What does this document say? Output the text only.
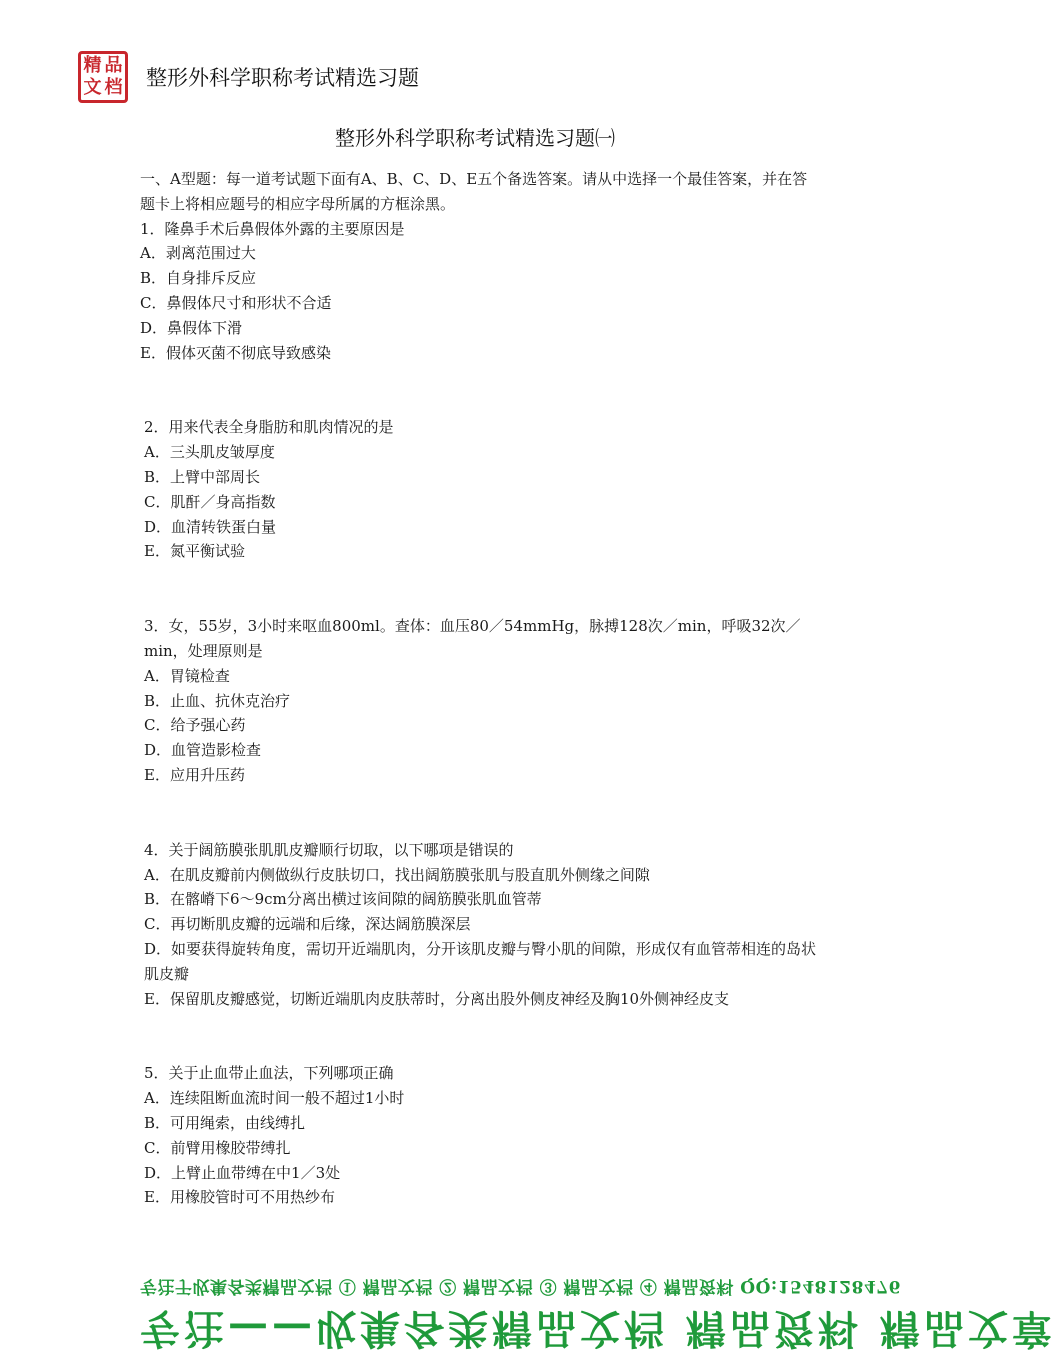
精 品
文 档 整形外科学职称考试精选习题
整形外科学职称考试精选习题㈠

一、A型题：每一道考试题下面有A、B、C、D、E五个备选答案。请从中选择一个最佳答案，并在答题卡上将相应题号的相应字母所属的方框涂黑。

1．隆鼻手术后鼻假体外露的主要原因是

A．剥离范围过大

B．自身排斥反应

C．鼻假体尺寸和形状不合适

D．鼻假体下滑

E．假体灭菌不彻底导致感染

2．用来代表全身脂肪和肌肉情况的是

A．三头肌皮皱厚度

B．上臂中部周长

C．肌酐／身高指数

D．血清转铁蛋白量

E．氮平衡试验

3．女，55岁，3小时来呕血800ml。查体：血压80／54mmHg，脉搏128次／min，呼吸32次／min，处理原则是

A．胃镜检查

B．止血、抗休克治疗

C．给予强心药

D．血管造影检查

E．应用升压药

4．关于阔筋膜张肌肌皮瓣顺行切取，以下哪项是错误的

A．在肌皮瓣前内侧做纵行皮肤切口，找出阔筋膜张肌与股直肌外侧缘之间隙

B．在髂嵴下6～9cm分离出横过该间隙的阔筋膜张肌血管蒂

C．再切断肌皮瓣的远端和后缘，深达阔筋膜深层

D．如要获得旋转角度，需切开近端肌肉，分开该肌皮瓣与臀小肌的间隙，形成仅有血管蒂相连的岛状肌皮瓣

E．保留肌皮瓣感觉，切断近端肌肉皮肤蒂时，分离出股外侧皮神经及胸10外侧神经皮支

5．关于止血带止血法，下列哪项正确

A．连续阻断血流时间一般不超过1小时

B．可用绳索，由线缚扎

C．前臂用橡胶带缚扎

D．上臂止血带缚在中1／3处

E．用橡胶管时可不用热纱布

专注于收集各类精品文档 ① 精品文档 ② 精品文档 ③ 精品文档 ④ 精品资料 QQ:1548128476
专注——收集各类精品文档 精品资料 精品文章
